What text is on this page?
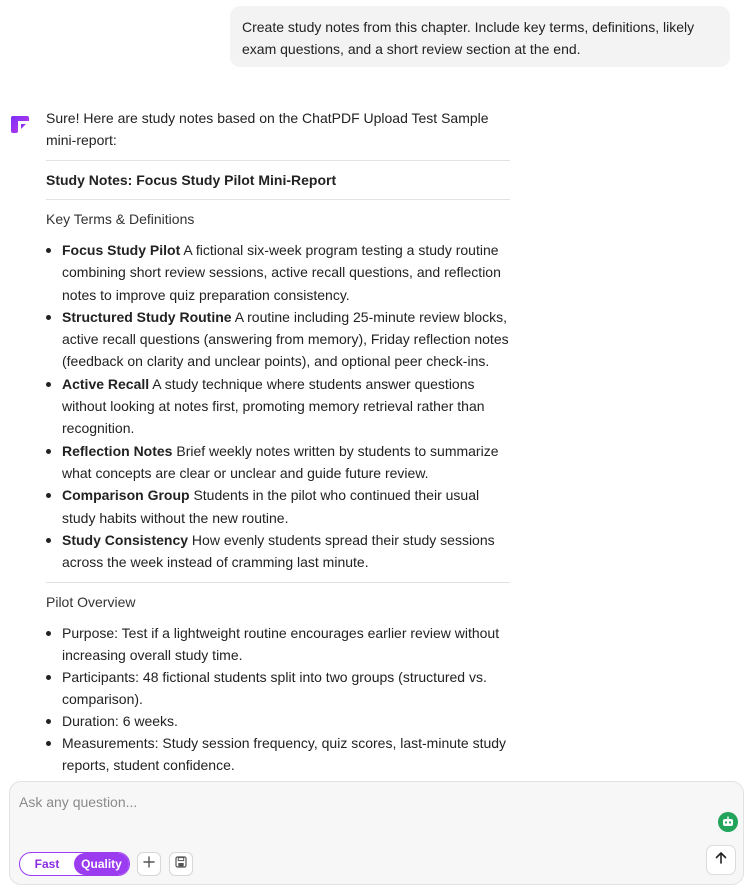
Create study notes from this chapter. Include key terms, definitions, likely exam questions, and a short review section at the end.

Sure! Here are study notes based on the ChatPDF Upload Test Sample mini-report:

Study Notes: Focus Study Pilot Mini-Report

Key Terms & Definitions

Focus Study Pilot A fictional six-week program testing a study routine combining short review sessions, active recall questions, and reflection notes to improve quiz preparation consistency.
Structured Study Routine A routine including 25-minute review blocks, active recall questions (answering from memory), Friday reflection notes (feedback on clarity and unclear points), and optional peer check-ins.
Active Recall A study technique where students answer questions without looking at notes first, promoting memory retrieval rather than recognition.
Reflection Notes Brief weekly notes written by students to summarize what concepts are clear or unclear and guide future review.
Comparison Group Students in the pilot who continued their usual study habits without the new routine.
Study Consistency How evenly students spread their study sessions across the week instead of cramming last minute.

Pilot Overview

Purpose: Test if a lightweight routine encourages earlier review without increasing overall study time.
Participants: 48 fictional students split into two groups (structured vs. comparison).
Duration: 6 weeks.
Measurements: Study session frequency, quiz scores, last-minute study reports, student confidence.
Ask any question...
Fast	Quality
